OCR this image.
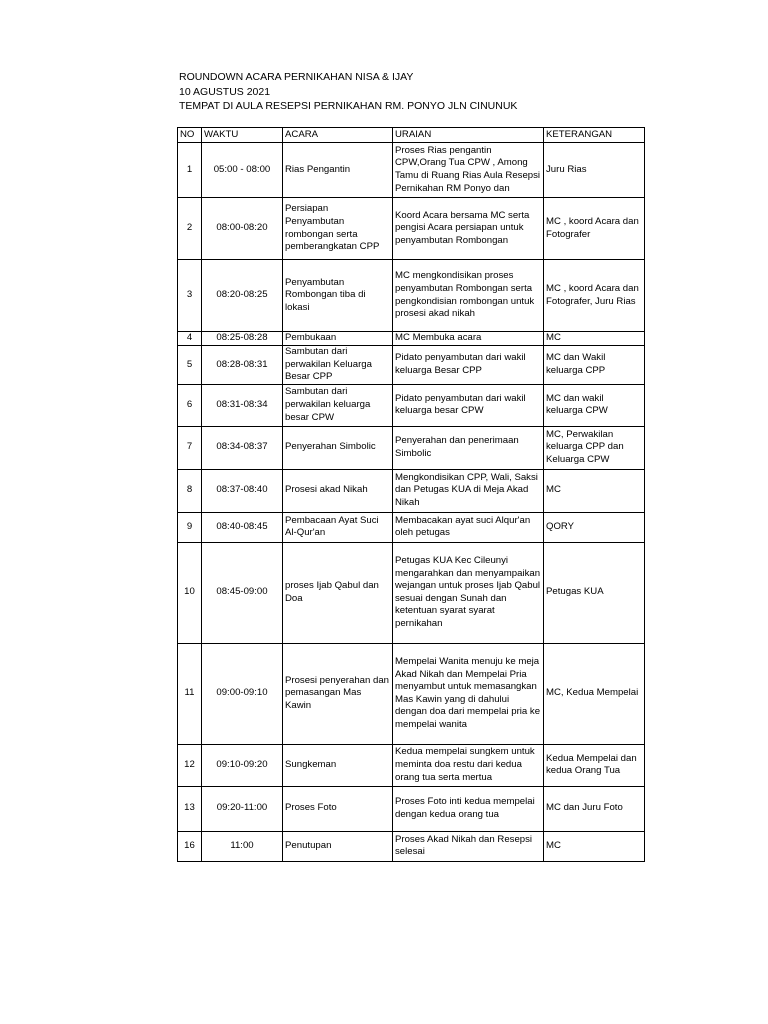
ROUNDOWN ACARA PERNIKAHAN NISA & IJAY
10 AGUSTUS 2021
TEMPAT DI AULA RESEPSI PERNIKAHAN RM. PONYO JLN CINUNUK
NO	WAKTU	ACARA	URAIAN	KETERANGAN

1	05:00 - 08:00	Rias Pengantin	Proses Rias pengantin CPW,Orang Tua CPW , Among Tamu di Ruang Rias Aula Resepsi Pernikahan RM Ponyo dan	Juru Rias

2	08:00-08:20	Persiapan Penyambutan rombongan serta pemberangkatan CPP	Koord Acara bersama MC serta pengisi Acara persiapan untuk penyambutan Rombongan	MC , koord Acara dan Fotografer

3	08:20-08:25	Penyambutan Rombongan tiba di lokasi	MC mengkondisikan proses penyambutan Rombongan serta pengkondisian rombongan untuk prosesi akad nikah	MC , koord Acara dan Fotografer, Juru Rias

4	08:25-08:28	Pembukaan	MC Membuka acara	MC

5	08:28-08:31	Sambutan dari perwakilan Keluarga Besar CPP	Pidato penyambutan dari wakil keluarga Besar CPP	MC dan Wakil keluarga CPP

6	08:31-08:34	Sambutan dari perwakilan keluarga besar CPW	Pidato penyambutan dari wakil keluarga besar CPW	MC dan wakil keluarga CPW

7	08:34-08:37	Penyerahan Simbolic	Penyerahan dan penerimaan Simbolic	MC, Perwakilan keluarga CPP dan Keluarga CPW

8	08:37-08:40	Prosesi akad Nikah	Mengkondisikan CPP, Wali, Saksi dan Petugas KUA di Meja Akad Nikah	MC

9	08:40-08:45	Pembacaan Ayat Suci Al-Qur'an	Membacakan ayat suci Alqur'an oleh petugas	QORY

10	08:45-09:00	proses Ijab Qabul dan Doa	Petugas KUA Kec Cileunyi mengarahkan dan menyampaikan wejangan untuk proses Ijab Qabul sesuai dengan Sunah dan ketentuan syarat syarat pernikahan	Petugas KUA

11	09:00-09:10	Prosesi penyerahan dan pemasangan Mas Kawin	Mempelai Wanita menuju ke meja Akad Nikah dan Mempelai Pria menyambut untuk memasangkan Mas Kawin yang di dahului dengan doa dari mempelai pria ke mempelai wanita	MC, Kedua Mempelai

12	09:10-09:20	Sungkeman	Kedua mempelai sungkem untuk meminta doa restu dari kedua orang tua serta mertua	Kedua Mempelai dan kedua Orang Tua

13	09:20-11:00	Proses Foto	Proses Foto inti kedua mempelai dengan kedua orang tua	MC dan Juru Foto

16	11:00	Penutupan	Proses Akad Nikah dan Resepsi selesai	MC
